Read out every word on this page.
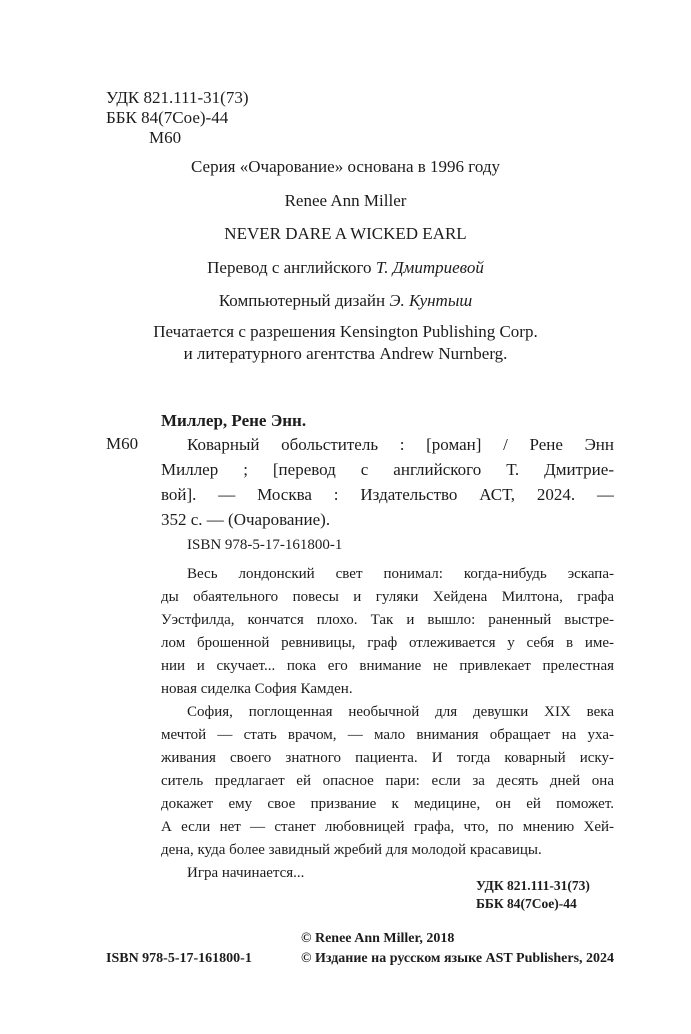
УДК 821.111-31(73)
ББК 84(7Сое)-44
М60
Серия «Очарование» основана в 1996 году
Renee Ann Miller
NEVER DARE A WICKED EARL
Перевод с английского Т. Дмитриевой
Компьютерный дизайн Э. Кунтыш
Печатается с разрешения Kensington Publishing Corp.
и литературного агентства Andrew Nurnberg.
Миллер, Рене Энн.
М60	Коварный обольститель : [роман] / Рене Энн
Миллер ; [перевод с английского Т. Дмитрие-
вой]. — Москва : Издательство АСТ, 2024. —
352 с. — (Очарование).
ISBN 978-5-17-161800-1
Весь лондонский свет понимал: когда-нибудь эскапа-
ды обаятельного повесы и гуляки Хейдена Милтона, графа
Уэстфилда, кончатся плохо. Так и вышло: раненный выстре-
лом брошенной ревнивицы, граф отлеживается у себя в име-
нии и скучает... пока его внимание не привлекает прелестная
новая сиделка София Камден.
София, поглощенная необычной для девушки XIX века
мечтой — стать врачом, — мало внимания обращает на уха-
живания своего знатного пациента. И тогда коварный иску-
ситель предлагает ей опасное пари: если за десять дней она
докажет ему свое призвание к медицине, он ей поможет.
А если нет — станет любовницей графа, что, по мнению Хей-
дена, куда более завидный жребий для молодой красавицы.
Игра начинается...
УДК 821.111-31(73)
ББК 84(7Сое)-44
© Renee Ann Miller, 2018
ISBN 978-5-17-161800-1	© Издание на русском языке AST Publishers, 2024
